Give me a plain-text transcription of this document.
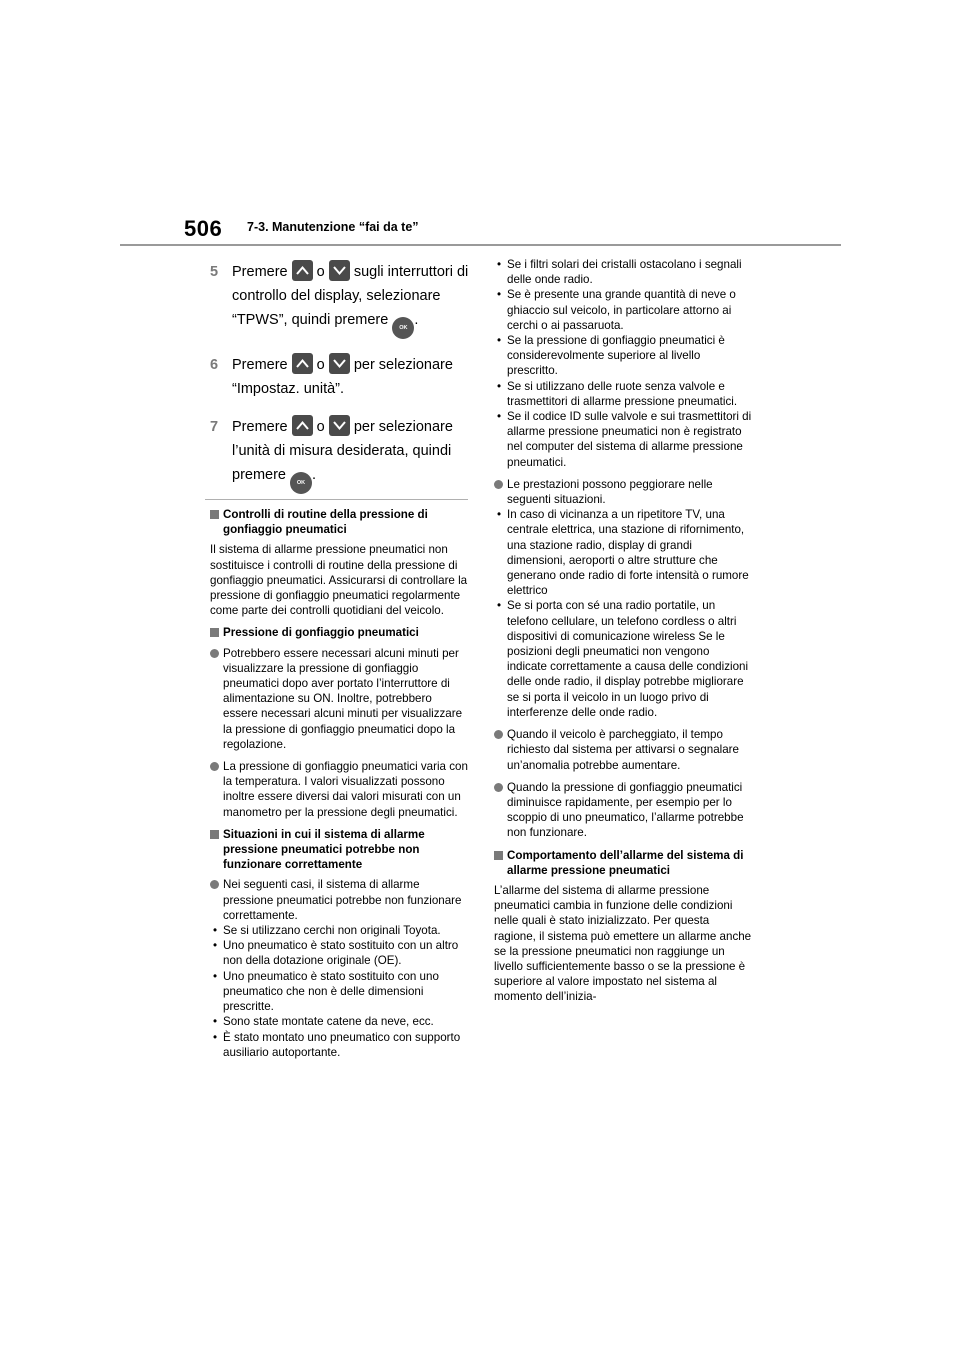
506 7-3. Manutenzione “fai da te”
5 Premere o sugli interruttori di controllo del display, selezionare “TPWS”, quindi premere OK .
6 Premere o per selezionare “Impostaz. unità”.
7 Premere o per selezionare l’unità di misura desiderata, quindi premere OK .
Controlli di routine della pressione di gonfiaggio pneumatici
Il sistema di allarme pressione pneumatici non sostituisce i controlli di routine della pressione di gonfiaggio pneumatici. Assicurarsi di controllare la pressione di gonfiaggio pneumatici regolarmente come parte dei controlli quotidiani del veicolo.
Pressione di gonfiaggio pneumatici
Potrebbero essere necessari alcuni minuti per visualizzare la pressione di gonfiaggio pneumatici dopo aver portato l’interruttore di alimentazione su ON. Inoltre, potrebbero essere necessari alcuni minuti per visualizzare la pressione di gonfiaggio pneumatici dopo la regolazione.
La pressione di gonfiaggio pneumatici varia con la temperatura. I valori visualizzati possono inoltre essere diversi dai valori misurati con un manometro per la pressione degli pneumatici.
Situazioni in cui il sistema di allarme pressione pneumatici potrebbe non funzionare correttamente
Nei seguenti casi, il sistema di allarme pressione pneumatici potrebbe non funzionare correttamente.
• Se si utilizzano cerchi non originali Toyota.
• Uno pneumatico è stato sostituito con un altro non della dotazione originale (OE).
• Uno pneumatico è stato sostituito con uno pneumatico che non è delle dimensioni prescritte.
• Sono state montate catene da neve, ecc.
• È stato montato uno pneumatico con supporto ausiliario autoportante.
• Se i filtri solari dei cristalli ostacolano i segnali delle onde radio.
• Se è presente una grande quantità di neve o ghiaccio sul veicolo, in particolare attorno ai cerchi o ai passaruota.
• Se la pressione di gonfiaggio pneumatici è considerevolmente superiore al livello prescritto.
• Se si utilizzano delle ruote senza valvole e trasmettitori di allarme pressione pneumatici.
• Se il codice ID sulle valvole e sui trasmettitori di allarme pressione pneumatici non è registrato nel computer del sistema di allarme pressione pneumatici.
Le prestazioni possono peggiorare nelle seguenti situazioni.
• In caso di vicinanza a un ripetitore TV, una centrale elettrica, una stazione di rifornimento, una stazione radio, display di grandi dimensioni, aeroporti o altre strutture che generano onde radio di forte intensità o rumore elettrico
• Se si porta con sé una radio portatile, un telefono cellulare, un telefono cordless o altri dispositivi di comunicazione wireless Se le posizioni degli pneumatici non vengono indicate correttamente a causa delle condizioni delle onde radio, il display potrebbe migliorare se si porta il veicolo in un luogo privo di interferenze delle onde radio.
Quando il veicolo è parcheggiato, il tempo richiesto dal sistema per attivarsi o segnalare un’anomalia potrebbe aumentare.
Quando la pressione di gonfiaggio pneumatici diminuisce rapidamente, per esempio per lo scoppio di uno pneumatico, l’allarme potrebbe non funzionare.
Comportamento dell’allarme del sistema di allarme pressione pneumatici
L’allarme del sistema di allarme pressione pneumatici cambia in funzione delle condizioni nelle quali è stato inizializzato. Per questa ragione, il sistema può emettere un allarme anche se la pressione pneumatici non raggiunge un livello sufficientemente basso o se la pressione è superiore al valore impostato nel sistema al momento dell’inizia-
